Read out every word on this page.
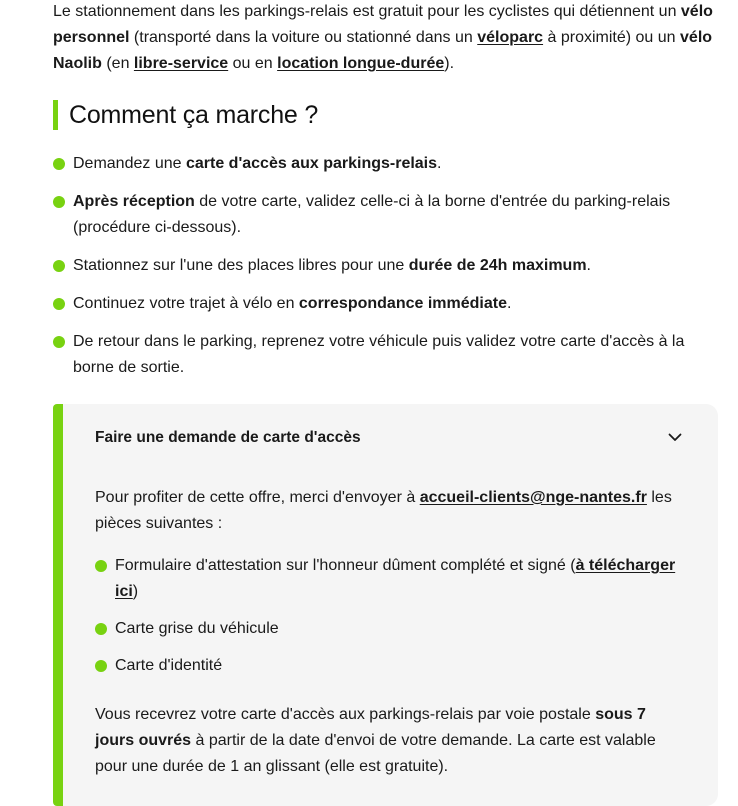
Le stationnement dans les parkings-relais est gratuit pour les cyclistes qui détiennent un vélo personnel (transporté dans la voiture ou stationné dans un véloparc à proximité) ou un vélo Naolib (en libre-service ou en location longue-durée).

Comment ça marche ?
Demandez une carte d'accès aux parkings-relais.
Après réception de votre carte, validez celle-ci à la borne d'entrée du parking-relais (procédure ci-dessous).
Stationnez sur l'une des places libres pour une durée de 24h maximum.
Continuez votre trajet à vélo en correspondance immédiate.
De retour dans le parking, reprenez votre véhicule puis validez votre carte d'accès à la borne de sortie.
Faire une demande de carte d'accès

Pour profiter de cette offre, merci d'envoyer à accueil-clients@nge-nantes.fr les pièces suivantes :

Formulaire d'attestation sur l'honneur dûment complété et signé (à télécharger ici)
Carte grise du véhicule
Carte d'identité

Vous recevrez votre carte d'accès aux parkings-relais par voie postale sous 7 jours ouvrés à partir de la date d'envoi de votre demande. La carte est valable pour une durée de 1 an glissant (elle est gratuite).
